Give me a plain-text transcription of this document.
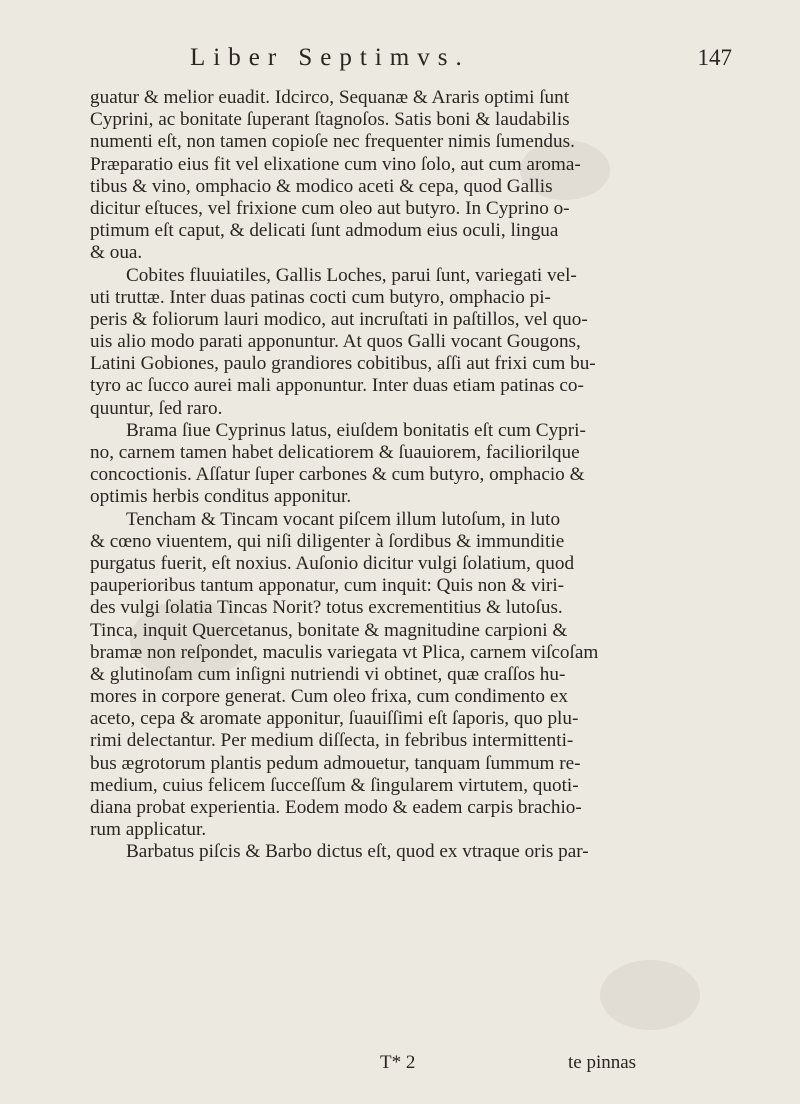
Liber Septimvs.	147
guatur & melior euadit. Idcirco, Sequanæ & Araris optimi ſunt
Cyprini, ac bonitate ſuperant ſtagnoſos. Satis boni & laudabilis
numenti eſt, non tamen copioſe nec frequenter nimis ſumendus.
Præparatio eius fit vel elixatione cum vino ſolo, aut cum aroma-
tibus & vino, omphacio & modico aceti & cepa, quod Gallis
dicitur eſtuces, vel frixione cum oleo aut butyro. In Cyprino o-
ptimum eſt caput, & delicati ſunt admodum eius oculi, lingua
& oua.
Cobites fluuiatiles, Gallis Loches, parui ſunt, variegati vel-
uti truttæ. Inter duas patinas cocti cum butyro, omphacio pi-
peris & foliorum lauri modico, aut incruſtati in paſtillos, vel quo-
uis alio modo parati apponuntur. At quos Galli vocant Gougons,
Latini Gobiones, paulo grandiores cobitibus, aſſi aut frixi cum bu-
tyro ac ſucco aurei mali apponuntur. Inter duas etiam patinas co-
quuntur, ſed raro.
Brama ſiue Cyprinus latus, eiuſdem bonitatis eſt cum Cypri-
no, carnem tamen habet delicatiorem & ſuauiorem, faciliorilque
concoctionis. Aſſatur ſuper carbones & cum butyro, omphacio &
optimis herbis conditus apponitur.
Tencham & Tincam vocant piſcem illum lutoſum, in luto
& cœno viuentem, qui niſi diligenter à ſordibus & immunditie
purgatus fuerit, eſt noxius. Auſonio dicitur vulgi ſolatium, quod
pauperioribus tantum apponatur, cum inquit: Quis non & viri-
des vulgi ſolatia Tincas Norit? totus excrementitius & lutoſus.
Tinca, inquit Quercetanus, bonitate & magnitudine carpioni &
bramæ non reſpondet, maculis variegata vt Plica, carnem viſcoſam
& glutinoſam cum inſigni nutriendi vi obtinet, quæ craſſos hu-
mores in corpore generat. Cum oleo frixa, cum condimento ex
aceto, cepa & aromate apponitur, ſuauiſſimi eſt ſaporis, quo plu-
rimi delectantur. Per medium diſſecta, in febribus intermittenti-
bus ægrotorum plantis pedum admouetur, tanquam ſummum re-
medium, cuius felicem ſucceſſum & ſingularem virtutem, quoti-
diana probat experientia. Eodem modo & eadem carpis brachio-
rum applicatur.
Barbatus piſcis & Barbo dictus eſt, quod ex vtraque oris par-
T* 2	te pinnas
